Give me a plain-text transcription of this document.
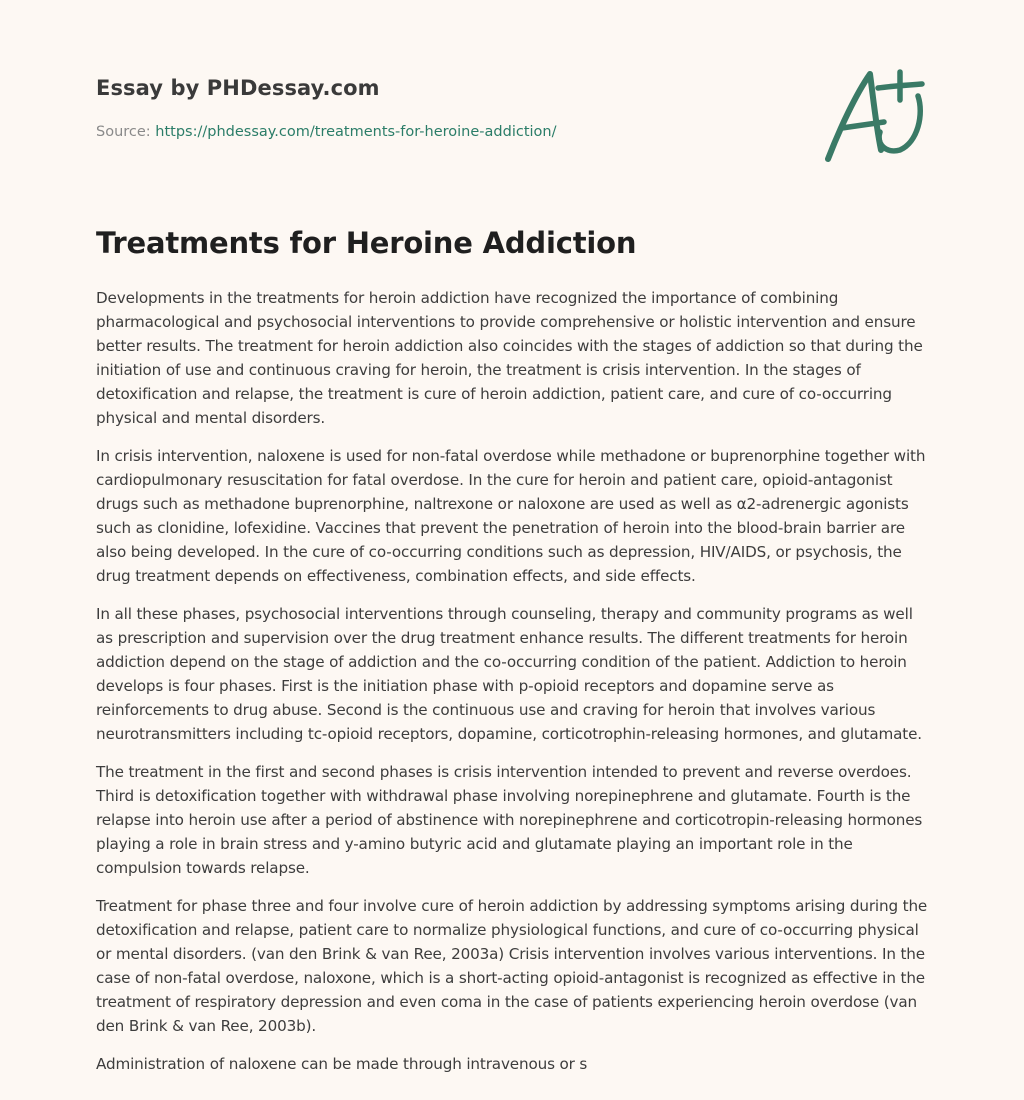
Essay by PHDessay.com
Source: https://phdessay.com/treatments-for-heroine-addiction/
Treatments for Heroine Addiction

Developments in the treatments for heroin addiction have recognized the importance of combining pharmacological and psychosocial interventions to provide comprehensive or holistic intervention and ensure better results. The treatment for heroin addiction also coincides with the stages of addiction so that during the initiation of use and continuous craving for heroin, the treatment is crisis intervention. In the stages of detoxification and relapse, the treatment is cure of heroin addiction, patient care, and cure of co-occurring physical and mental disorders.

In crisis intervention, naloxene is used for non-fatal overdose while methadone or buprenorphine together with cardiopulmonary resuscitation for fatal overdose. In the cure for heroin and patient care, opioid-antagonist drugs such as methadone buprenorphine, naltrexone or naloxone are used as well as α2-adrenergic agonists such as clonidine, lofexidine. Vaccines that prevent the penetration of heroin into the blood-brain barrier are also being developed. In the cure of co-occurring conditions such as depression, HIV/AIDS, or psychosis, the drug treatment depends on effectiveness, combination effects, and side effects.

In all these phases, psychosocial interventions through counseling, therapy and community programs as well as prescription and supervision over the drug treatment enhance results. The different treatments for heroin addiction depend on the stage of addiction and the co-occurring condition of the patient. Addiction to heroin develops is four phases. First is the initiation phase with p-opioid receptors and dopamine serve as reinforcements to drug abuse. Second is the continuous use and craving for heroin that involves various neurotransmitters including tc-opioid receptors, dopamine, corticotrophin-releasing hormones, and glutamate.

The treatment in the first and second phases is crisis intervention intended to prevent and reverse overdoes. Third is detoxification together with withdrawal phase involving norepinephrene and glutamate. Fourth is the relapse into heroin use after a period of abstinence with norepinephrene and corticotropin-releasing hormones playing a role in brain stress and y-amino butyric acid and glutamate playing an important role in the compulsion towards relapse.

Treatment for phase three and four involve cure of heroin addiction by addressing symptoms arising during the detoxification and relapse, patient care to normalize physiological functions, and cure of co-occurring physical or mental disorders. (van den Brink & van Ree, 2003a) Crisis intervention involves various interventions. In the case of non-fatal overdose, naloxone, which is a short-acting opioid-antagonist is recognized as effective in the treatment of respiratory depression and even coma in the case of patients experiencing heroin overdose (van den Brink & van Ree, 2003b).

Administration of naloxene can be made through intravenous or s
